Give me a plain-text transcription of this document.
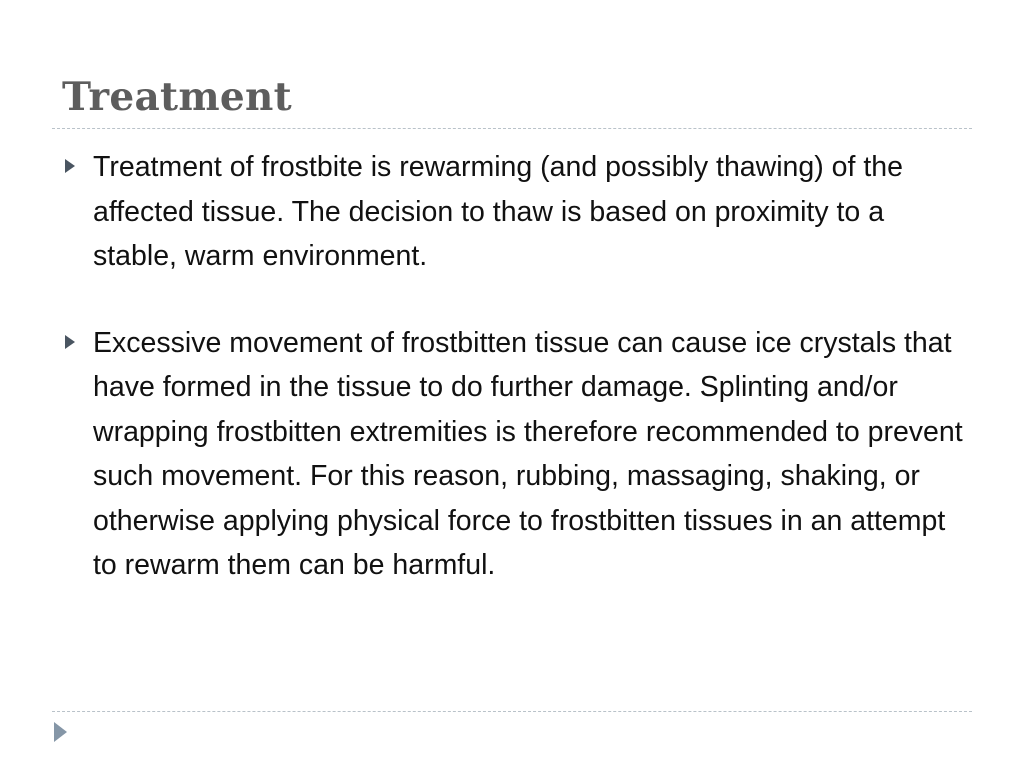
Treatment
Treatment of frostbite is rewarming (and possibly thawing) of the affected tissue. The decision to thaw is based on proximity to a stable, warm environment.
Excessive movement of frostbitten tissue can cause ice crystals that have formed in the tissue to do further damage. Splinting and/or wrapping frostbitten extremities is therefore recommended to prevent such movement. For this reason, rubbing, massaging, shaking, or otherwise applying physical force to frostbitten tissues in an attempt to rewarm them can be harmful.
